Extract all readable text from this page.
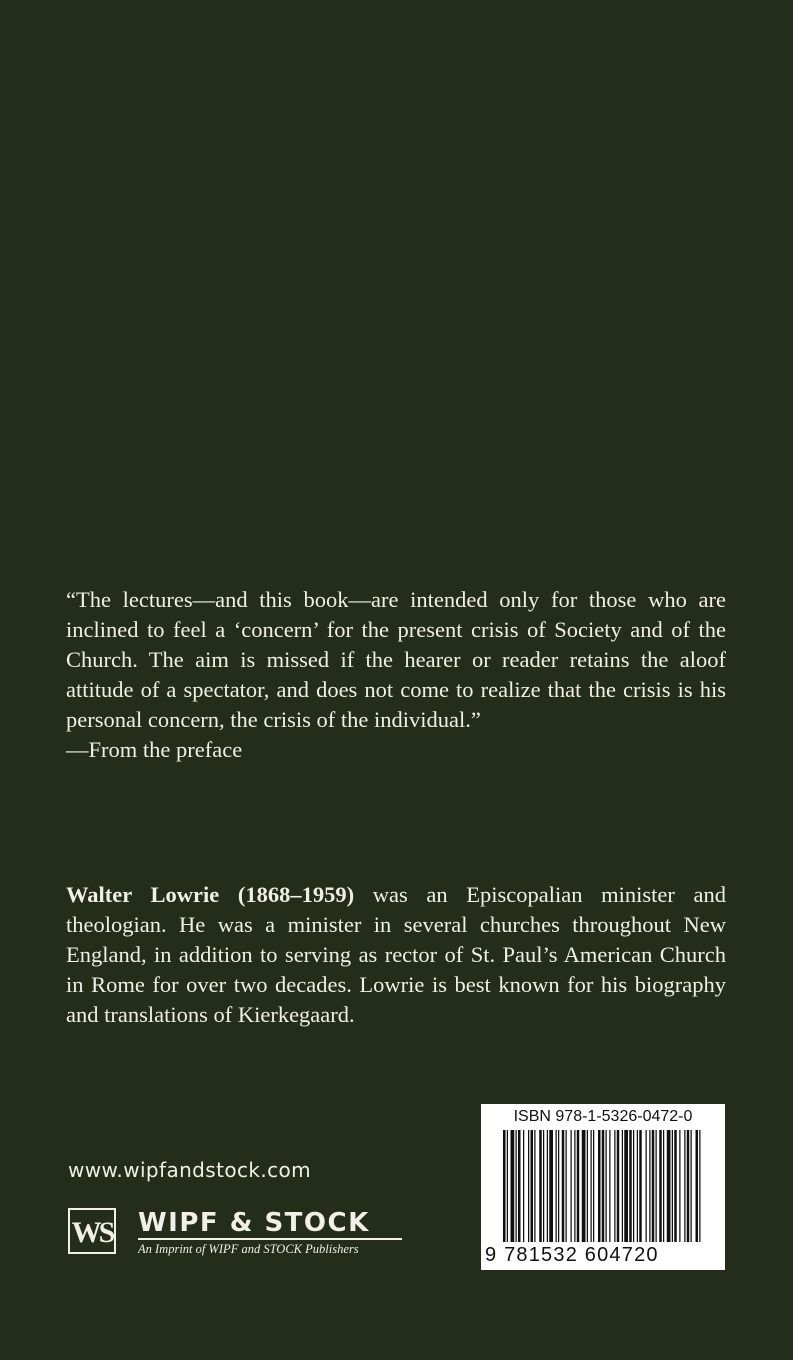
“The lectures—and this book—are intended only for those who are inclined to feel a ‘concern’ for the present crisis of Society and of the Church. The aim is missed if the hearer or reader retains the aloof attitude of a spectator, and does not come to realize that the crisis is his personal concern, the crisis of the individual.”

—From the preface

Walter Lowrie (1868–1959) was an Episcopalian minister and theologian. He was a minister in several churches throughout New England, in addition to serving as rector of St. Paul’s American Church in Rome for over two decades. Lowrie is best known for his biography and translations of Kierkegaard.

www.wipfandstock.com
WS WIPF & STOCK
An Imprint of WIPF and STOCK Publishers
ISBN 978-1-5326-0472-0
9 781532 604720
